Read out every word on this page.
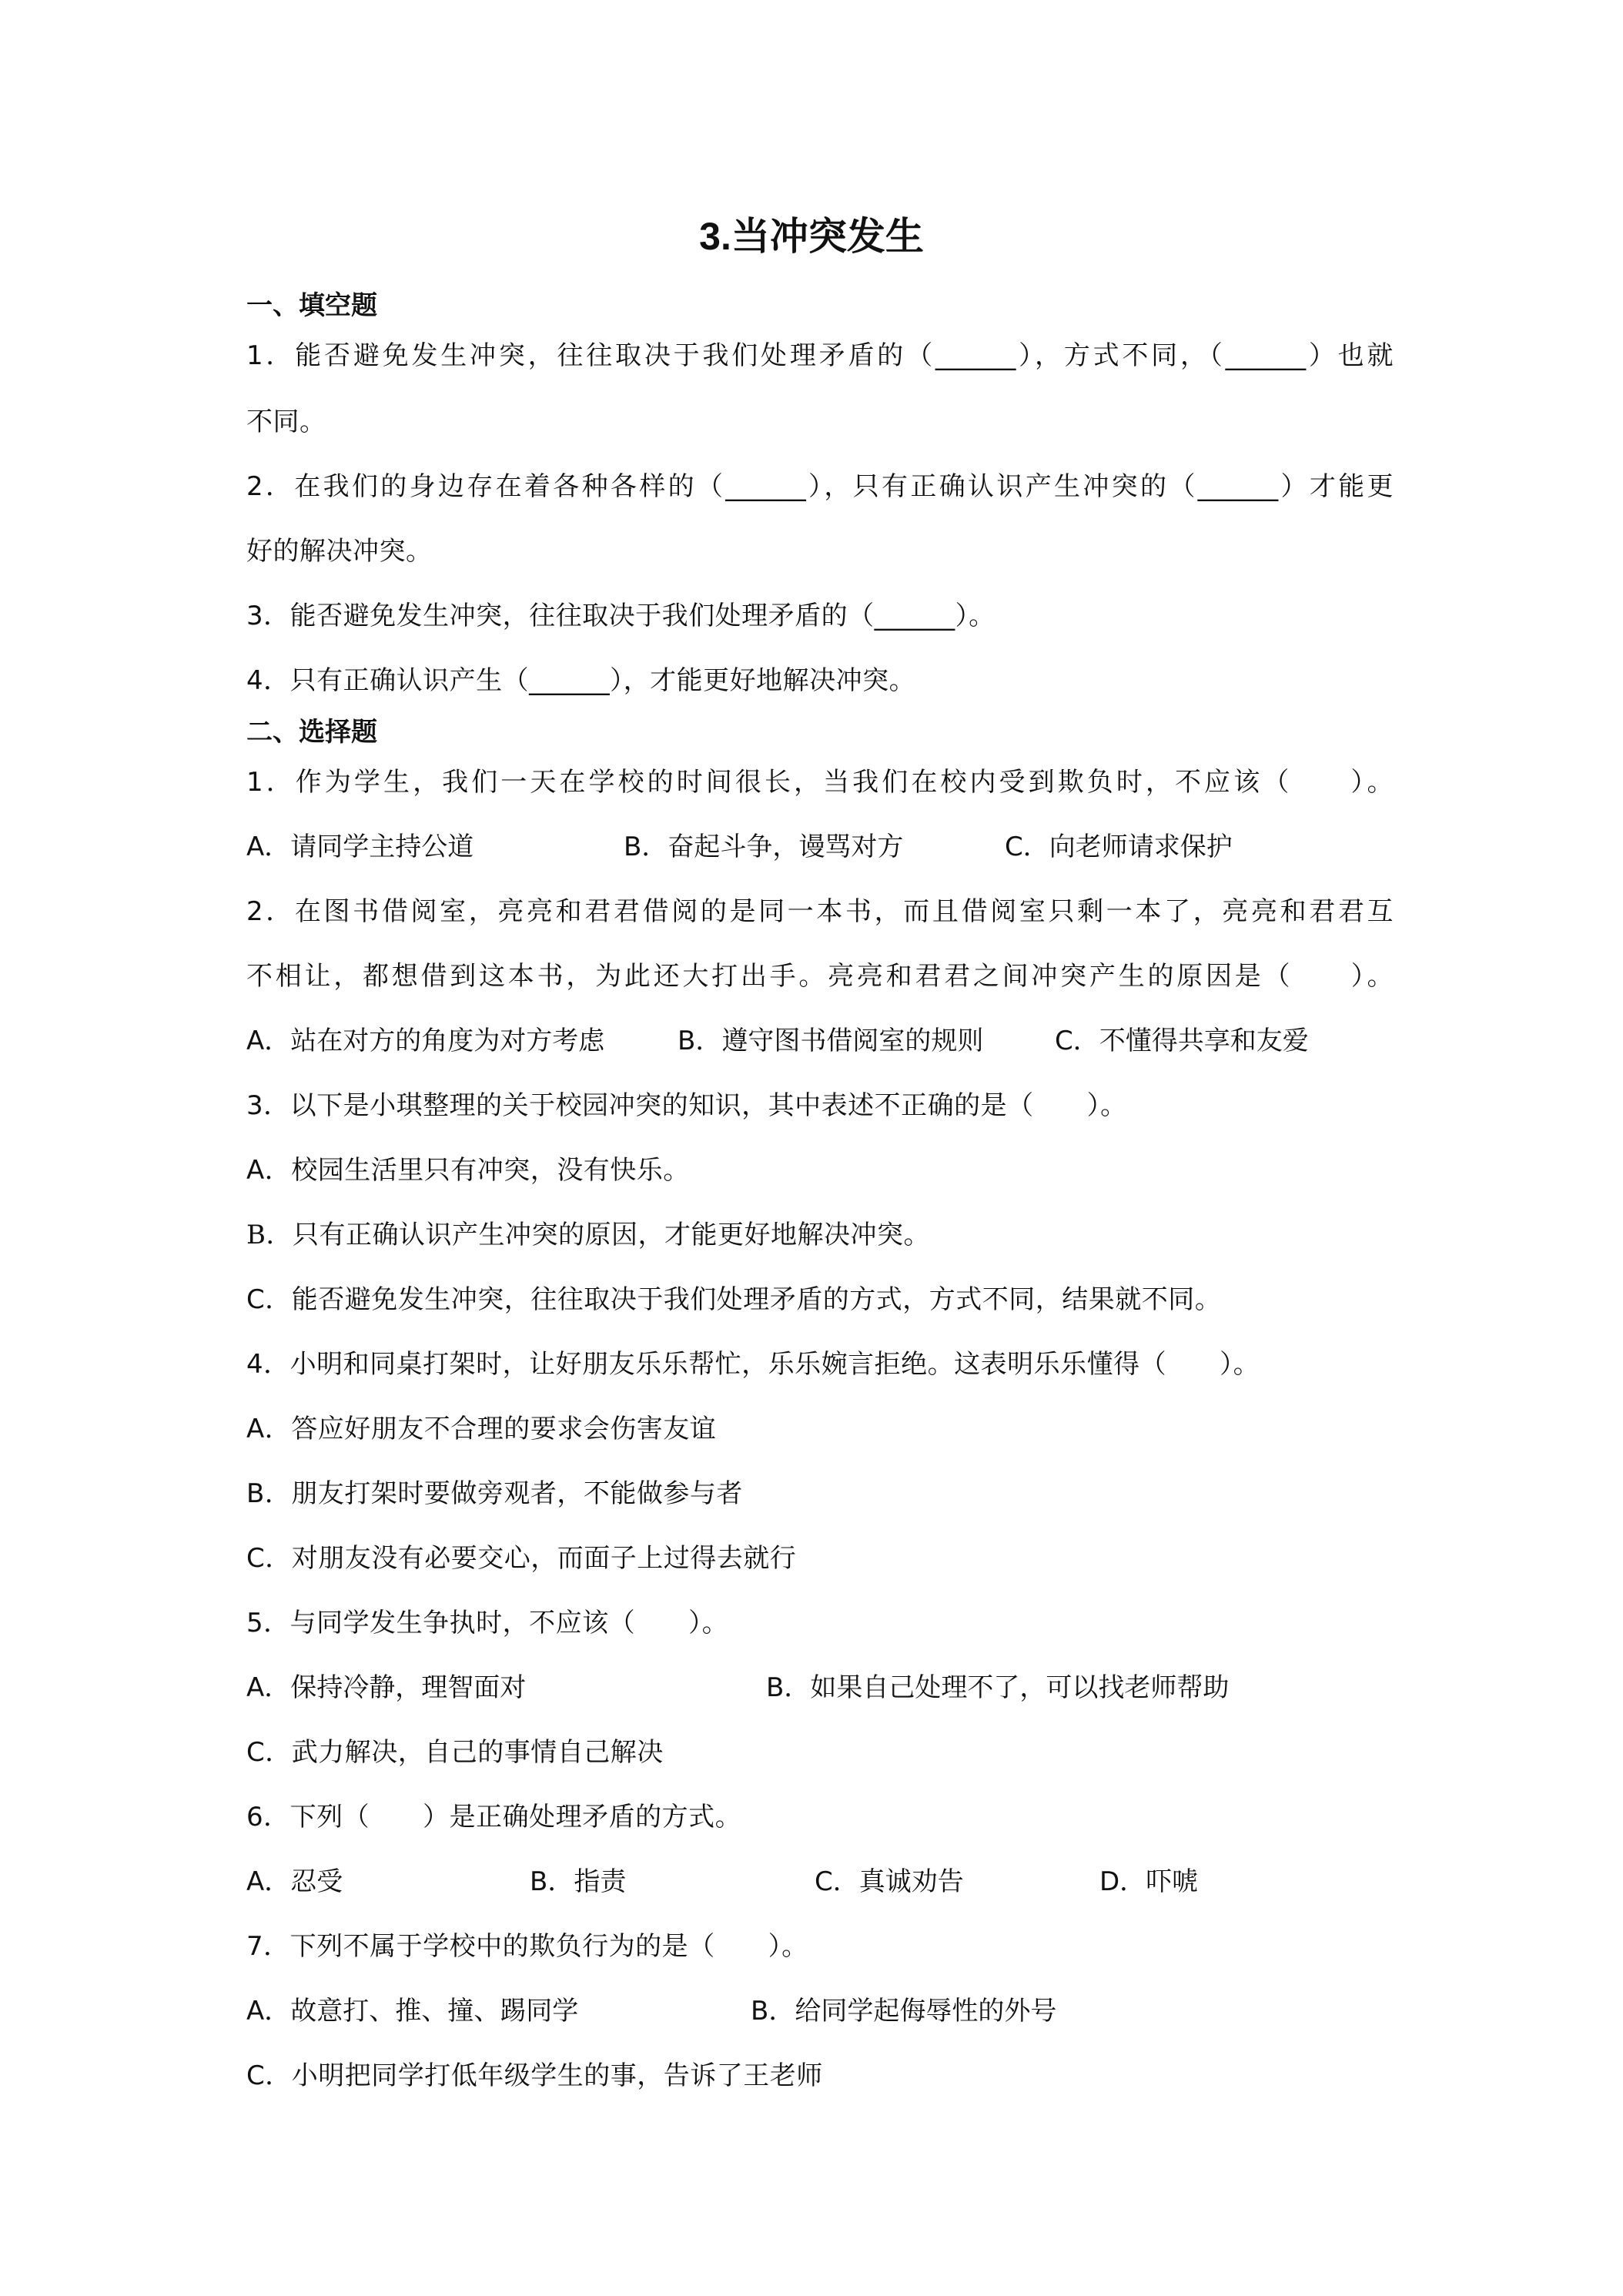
3.当冲突发生
一、填空题
1．能否避免发生冲突，往往取决于我们处理矛盾的（______），方式不同，（______）也就
不同。
2．在我们的身边存在着各种各样的（______），只有正确认识产生冲突的（______）才能更
好的解决冲突。
3．能否避免发生冲突，往往取决于我们处理矛盾的（______）。
4．只有正确认识产生（______），才能更好地解决冲突。
二、选择题
1．作为学生，我们一天在学校的时间很长，当我们在校内受到欺负时，不应该（　　）。
A．请同学主持公道	B．奋起斗争，谩骂对方	C．向老师请求保护
2．在图书借阅室，亮亮和君君借阅的是同一本书，而且借阅室只剩一本了，亮亮和君君互
不相让，都想借到这本书，为此还大打出手。亮亮和君君之间冲突产生的原因是（　　）。
A．站在对方的角度为对方考虑	B．遵守图书借阅室的规则	C．不懂得共享和友爱
3．以下是小琪整理的关于校园冲突的知识，其中表述不正确的是（　　）。
A．校园生活里只有冲突，没有快乐。
B．只有正确认识产生冲突的原因，才能更好地解决冲突。
C．能否避免发生冲突，往往取决于我们处理矛盾的方式，方式不同，结果就不同。
4．小明和同桌打架时，让好朋友乐乐帮忙，乐乐婉言拒绝。这表明乐乐懂得（　　）。
A．答应好朋友不合理的要求会伤害友谊
B．朋友打架时要做旁观者，不能做参与者
C．对朋友没有必要交心，而面子上过得去就行
5．与同学发生争执时，不应该（　　）。
A．保持冷静，理智面对	B．如果自己处理不了，可以找老师帮助
C．武力解决，自己的事情自己解决
6．下列（　　）是正确处理矛盾的方式。
A．忍受	B．指责	C．真诚劝告	D．吓唬
7．下列不属于学校中的欺负行为的是（　　）。
A．故意打、推、撞、踢同学	B．给同学起侮辱性的外号
C．小明把同学打低年级学生的事，告诉了王老师
